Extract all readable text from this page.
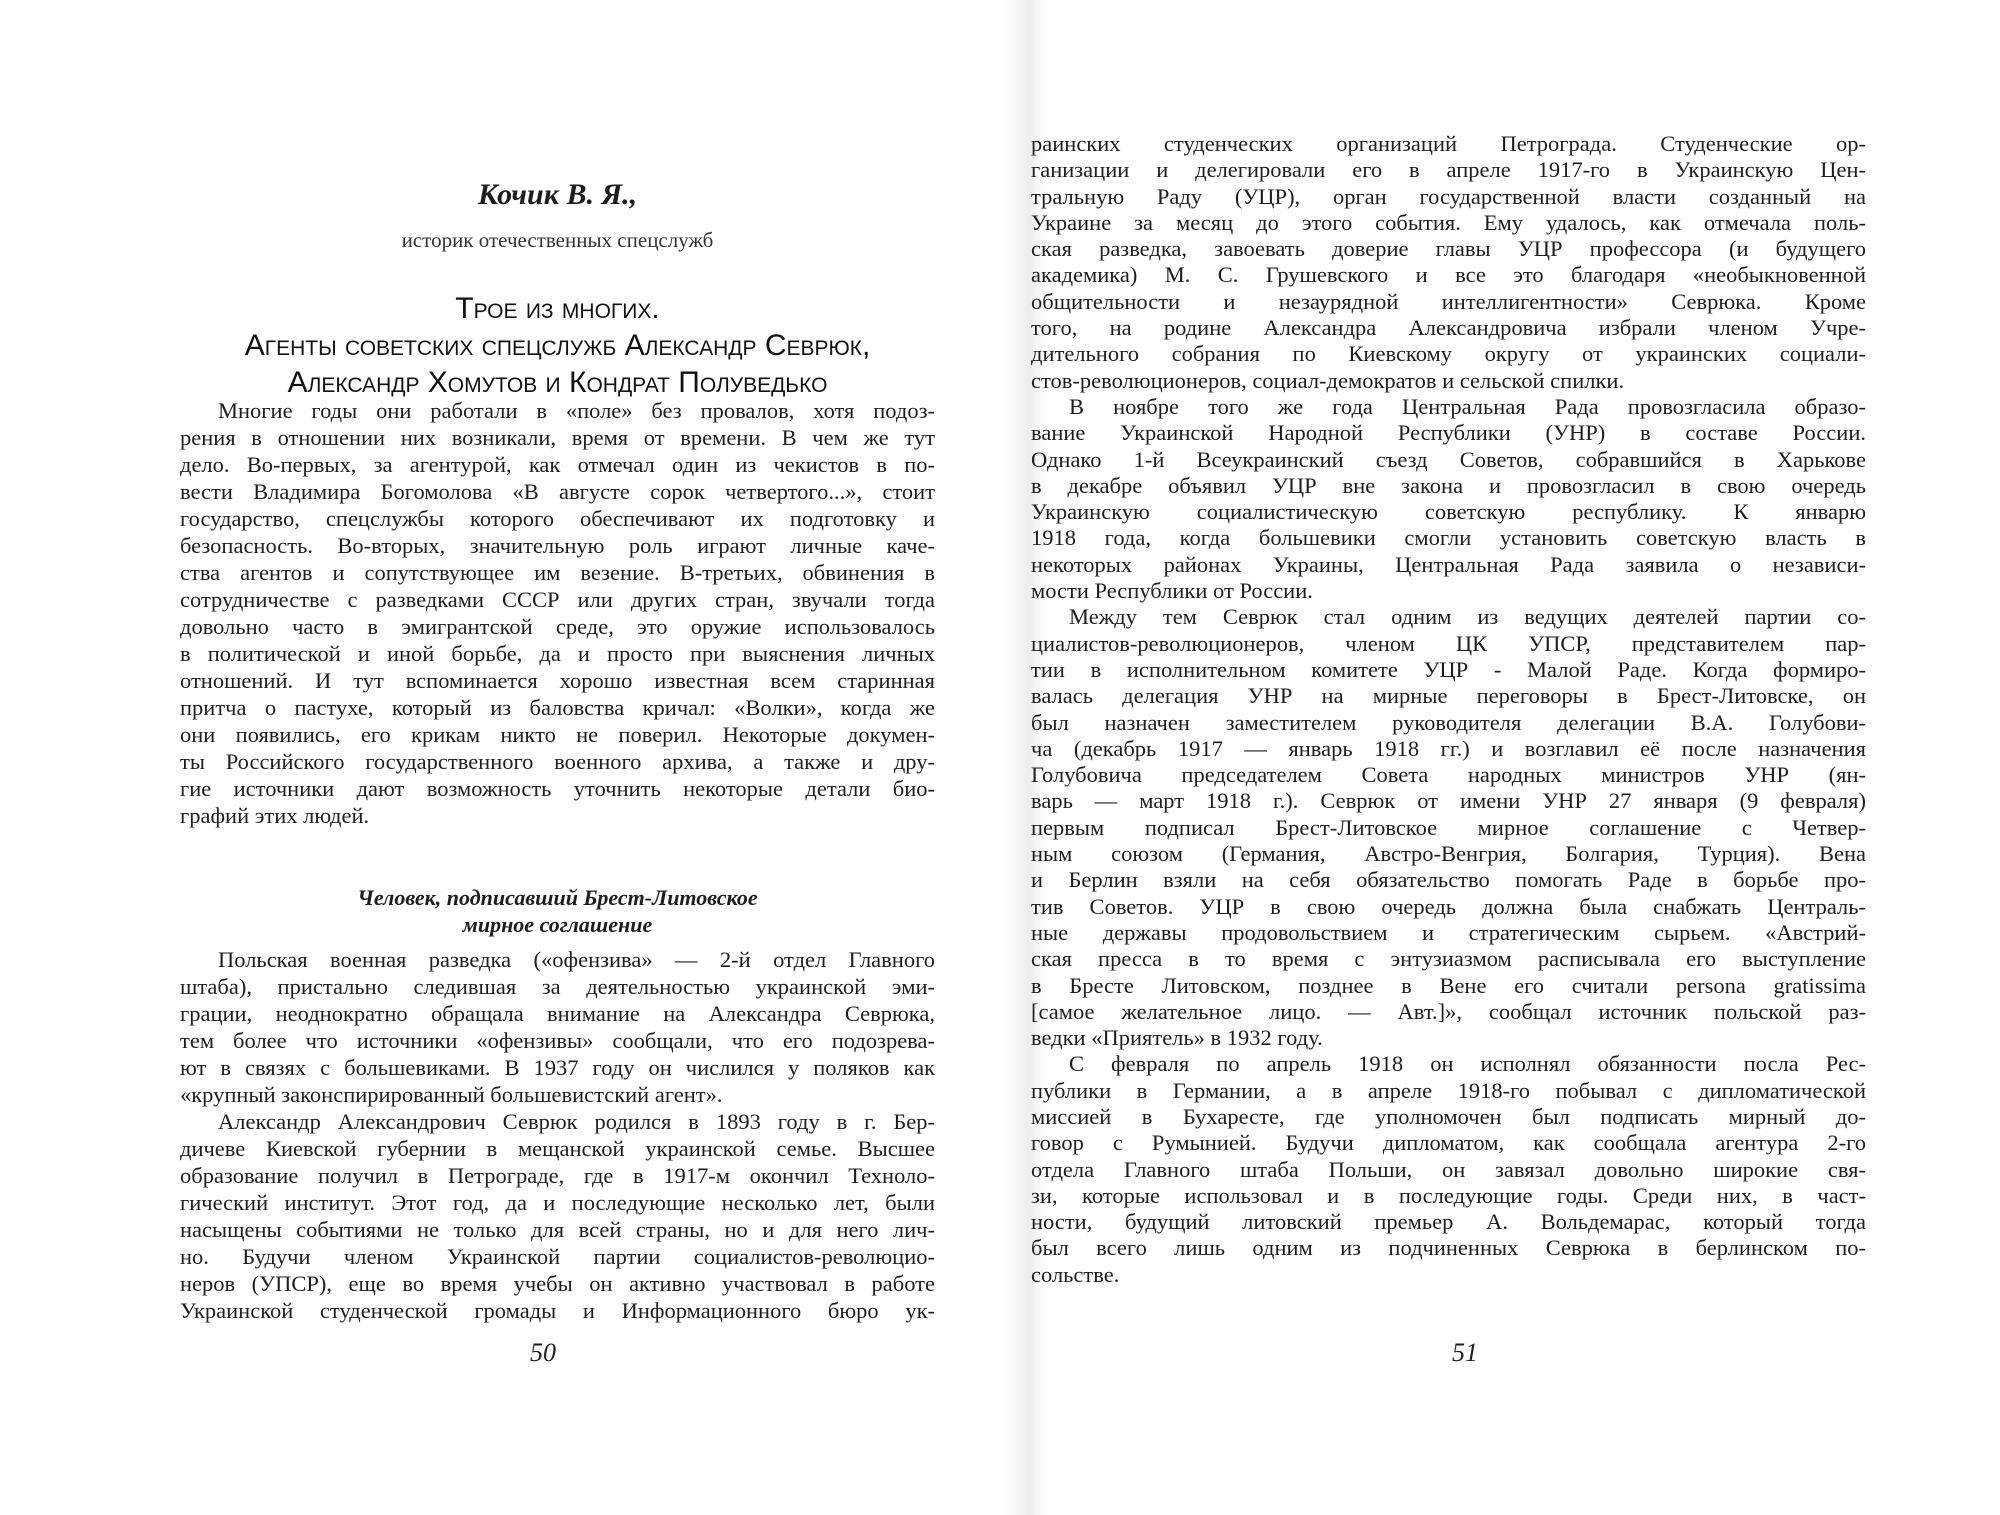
Кочик В. Я.,
историк отечественных спецслужб
Трое из многих.
Агенты советских спецслужб Александр Севрюк,
Александр Хомутов и Кондрат Полуведько
Многие годы они работали в «поле» без провалов, хотя подоз-
рения в отношении них возникали, время от времени. В чем же тут
дело. Во-первых, за агентурой, как отмечал один из чекистов в по-
вести Владимира Богомолова «В августе сорок четвертого...», стоит
государство, спецслужбы которого обеспечивают их подготовку и
безопасность. Во-вторых, значительную роль играют личные каче-
ства агентов и сопутствующее им везение. В-третьих, обвинения в
сотрудничестве с разведками СССР или других стран, звучали тогда
довольно часто в эмигрантской среде, это оружие использовалось
в политической и иной борьбе, да и просто при выяснения личных
отношений. И тут вспоминается хорошо известная всем старинная
притча о пастухе, который из баловства кричал: «Волки», когда же
они появились, его крикам никто не поверил. Некоторые докумен-
ты Российского государственного военного архива, а также и дру-
гие источники дают возможность уточнить некоторые детали био-
графий этих людей.
Человек, подписавший Брест-Литовское
мирное соглашение
Польская военная разведка («офензива» — 2-й отдел Главного
штаба), пристально следившая за деятельностью украинской эми-
грации, неоднократно обращала внимание на Александра Севрюка,
тем более что источники «офензивы» сообщали, что его подозрева-
ют в связях с большевиками. В 1937 году он числился у поляков как
«крупный законспирированный большевистский агент».
Александр Александрович Севрюк родился в 1893 году в г. Бер-
дичеве Киевской губернии в мещанской украинской семье. Высшее
образование получил в Петрограде, где в 1917-м окончил Техноло-
гический институт. Этот год, да и последующие несколько лет, были
насыщены событиями не только для всей страны, но и для него лич-
но. Будучи членом Украинской партии социалистов-революцио-
неров (УПСР), еще во время учебы он активно участвовал в работе
Украинской студенческой громады и Информационного бюро ук-
раинских студенческих организаций Петрограда. Студенческие ор-
ганизации и делегировали его в апреле 1917-го в Украинскую Цен-
тральную Раду (УЦР), орган государственной власти созданный на
Украине за месяц до этого события. Ему удалось, как отмечала поль-
ская разведка, завоевать доверие главы УЦР профессора (и будущего
академика) М. С. Грушевского и все это благодаря «необыкновенной
общительности и незаурядной интеллигентности» Севрюка. Кроме
того, на родине Александра Александровича избрали членом Учре-
дительного собрания по Киевскому округу от украинских социали-
стов-революционеров, социал-демократов и сельской спилки.
В ноябре того же года Центральная Рада провозгласила образо-
вание Украинской Народной Республики (УНР) в составе России.
Однако 1-й Всеукраинский съезд Советов, собравшийся в Харькове
в декабре объявил УЦР вне закона и провозгласил в свою очередь
Украинскую социалистическую советскую республику. К январю
1918 года, когда большевики смогли установить советскую власть в
некоторых районах Украины, Центральная Рада заявила о независи-
мости Республики от России.
Между тем Севрюк стал одним из ведущих деятелей партии со-
циалистов-революционеров, членом ЦК УПСР, представителем пар-
тии в исполнительном комитете УЦР - Малой Раде. Когда формиро-
валась делегация УНР на мирные переговоры в Брест-Литовске, он
был назначен заместителем руководителя делегации В.А. Голубови-
ча (декабрь 1917 — январь 1918 гг.) и возглавил её после назначения
Голубовича председателем Совета народных министров УНР (ян-
варь — март 1918 г.). Севрюк от имени УНР 27 января (9 февраля)
первым подписал Брест-Литовское мирное соглашение с Четвер-
ным союзом (Германия, Австро-Венгрия, Болгария, Турция). Вена
и Берлин взяли на себя обязательство помогать Раде в борьбе про-
тив Советов. УЦР в свою очередь должна была снабжать Централь-
ные державы продовольствием и стратегическим сырьем. «Австрий-
ская пресса в то время с энтузиазмом расписывала его выступление
в Бресте Литовском, позднее в Вене его считали persona gratissima
[самое желательное лицо. — Авт.]», сообщал источник польской раз-
ведки «Приятель» в 1932 году.
С февраля по апрель 1918 он исполнял обязанности посла Рес-
публики в Германии, а в апреле 1918-го побывал с дипломатической
миссией в Бухаресте, где уполномочен был подписать мирный до-
говор с Румынией. Будучи дипломатом, как сообщала агентура 2-го
отдела Главного штаба Польши, он завязал довольно широкие свя-
зи, которые использовал и в последующие годы. Среди них, в част-
ности, будущий литовский премьер А. Вольдемарас, который тогда
был всего лишь одним из подчиненных Севрюка в берлинском по-
сольстве.
50	51
